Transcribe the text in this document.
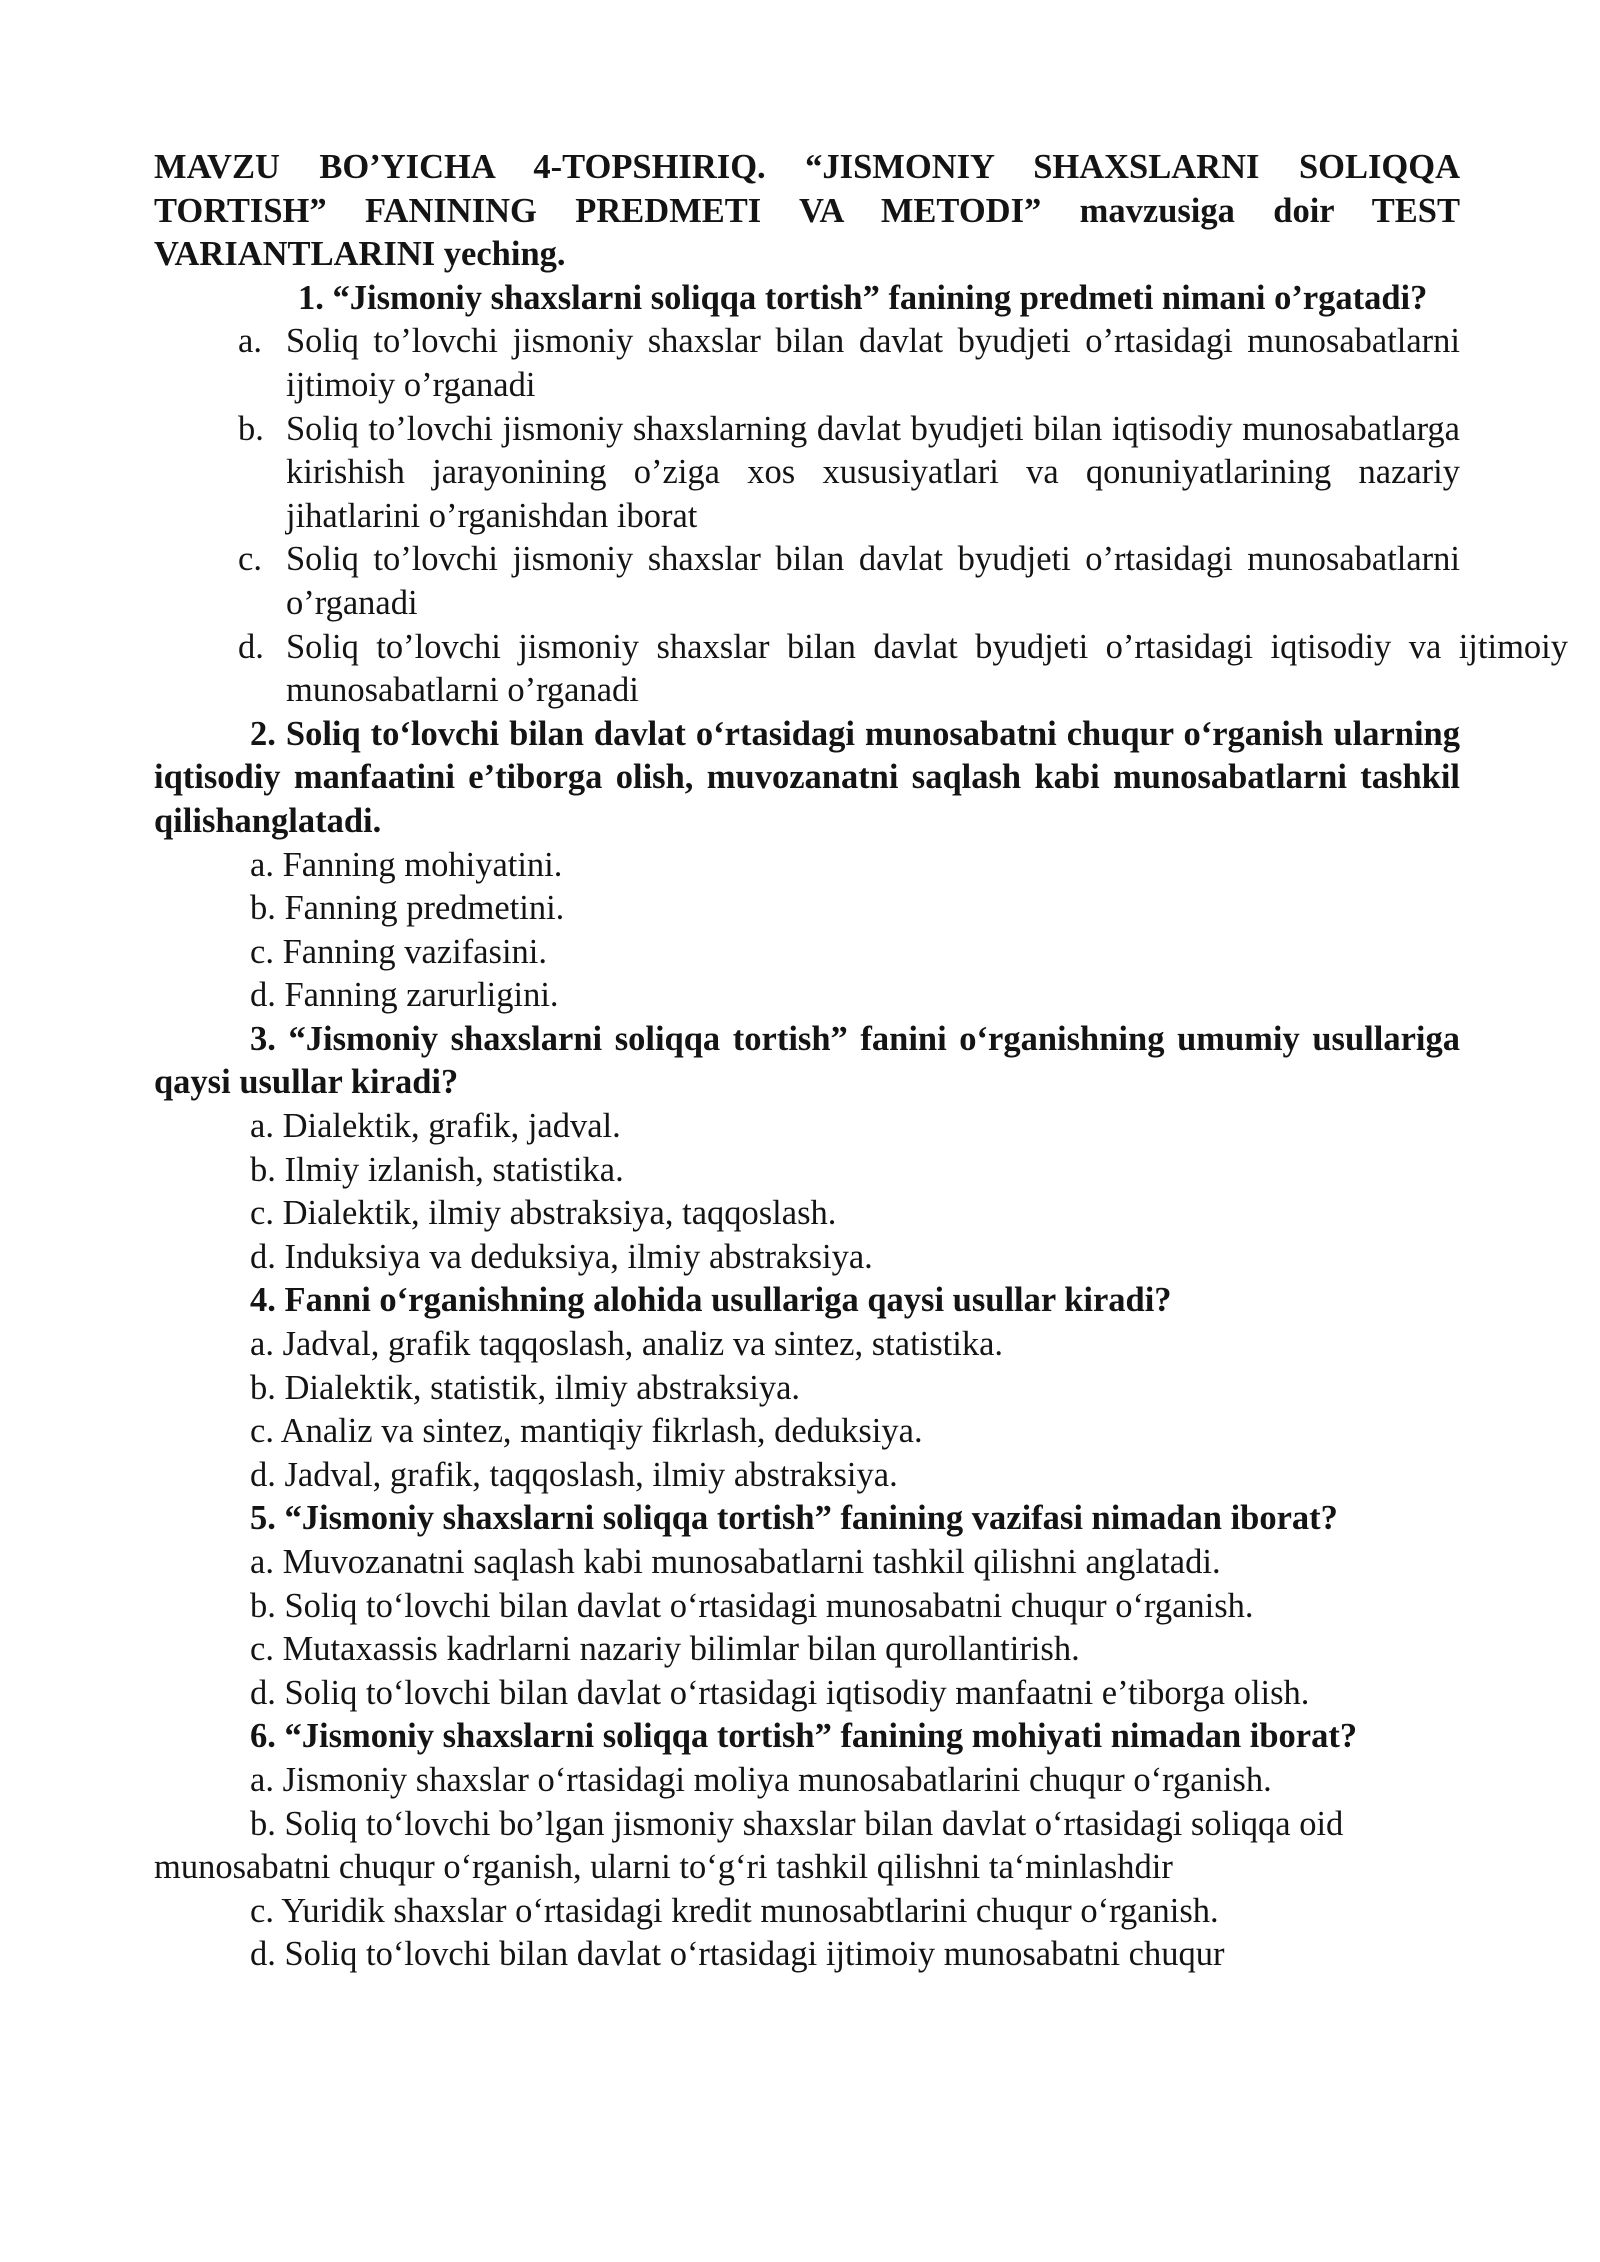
MAVZU BO’YICHA 4-TOPSHIRIQ. “JISMONIY SHAXSLARNI SOLIQQA TORTISH” FANINING PREDMETI VA METODI” mavzusiga doir TEST VARIANTLARINI yeching.

1. “Jismoniy shaxslarni soliqqa tortish” fanining predmeti nimani o’rgatadi?

a. Soliq to’lovchi jismoniy shaxslar bilan davlat byudjeti o’rtasidagi munosabatlarni ijtimoiy o’rganadi
b. Soliq to’lovchi jismoniy shaxslarning davlat byudjeti bilan iqtisodiy munosabatlarga kirishish jarayonining o’ziga xos xususiyatlari va qonuniyatlarining nazariy jihatlarini o’rganishdan iborat
c. Soliq to’lovchi jismoniy shaxslar bilan davlat byudjeti o’rtasidagi munosabatlarni o’rganadi
d. Soliq to’lovchi jismoniy shaxslar bilan davlat byudjeti o’rtasidagi iqtisodiy va ijtimoiy munosabatlarni o’rganadi

2. Soliq to‘lovchi bilan davlat o‘rtasidagi munosabatni chuqur o‘rganish ularning iqtisodiy manfaatini e’tiborga olish, muvozanatni saqlash kabi munosabatlarni tashkil qilishanglatadi.

a. Fanning mohiyatini.

b. Fanning predmetini.

c. Fanning vazifasini.

d. Fanning zarurligini.

3. “Jismoniy shaxslarni soliqqa tortish” fanini o‘rganishning umumiy usullariga qaysi usullar kiradi?

a. Dialektik, grafik, jadval.

b. Ilmiy izlanish, statistika.

c. Dialektik, ilmiy abstraksiya, taqqoslash.

d. Induksiya va deduksiya, ilmiy abstraksiya.

4. Fanni o‘rganishning alohida usullariga qaysi usullar kiradi?

a. Jadval, grafik taqqoslash, analiz va sintez, statistika.

b. Dialektik, statistik, ilmiy abstraksiya.

c. Analiz va sintez, mantiqiy fikrlash, deduksiya.

d. Jadval, grafik, taqqoslash, ilmiy abstraksiya.

5. “Jismoniy shaxslarni soliqqa tortish” fanining vazifasi nimadan iborat?

a. Muvozanatni saqlash kabi munosabatlarni tashkil qilishni anglatadi.

b. Soliq to‘lovchi bilan davlat o‘rtasidagi munosabatni chuqur o‘rganish.

c. Mutaxassis kadrlarni nazariy bilimlar bilan qurollantirish.

d. Soliq to‘lovchi bilan davlat o‘rtasidagi iqtisodiy manfaatni e’tiborga olish.

6. “Jismoniy shaxslarni soliqqa tortish” fanining mohiyati nimadan iborat?

a. Jismoniy shaxslar o‘rtasidagi moliya munosabatlarini chuqur o‘rganish.

b. Soliq to‘lovchi bo’lgan jismoniy shaxslar bilan davlat o‘rtasidagi soliqqa oid munosabatni chuqur o‘rganish, ularni to‘g‘ri tashkil qilishni ta‘minlashdir

c. Yuridik shaxslar o‘rtasidagi kredit munosabtlarini chuqur o‘rganish.

d. Soliq to‘lovchi bilan davlat o‘rtasidagi ijtimoiy munosabatni chuqur
